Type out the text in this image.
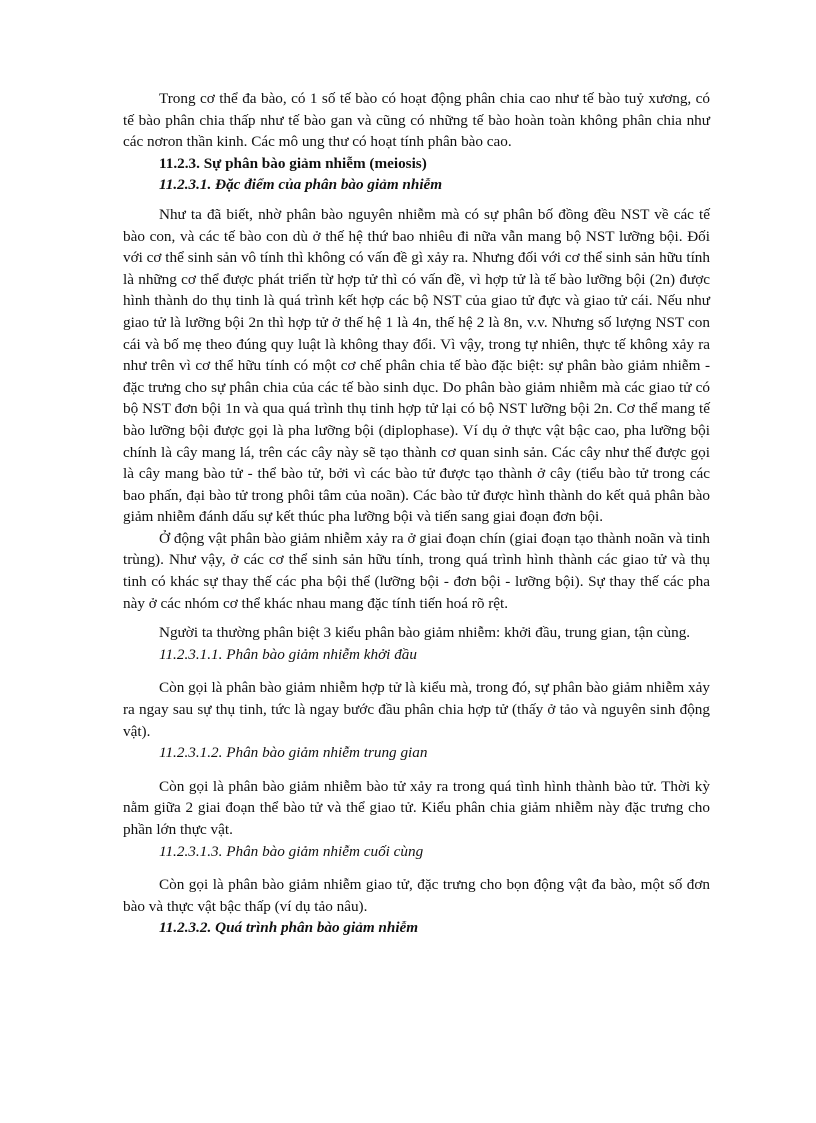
Trong cơ thể đa bào, có 1 số tế bào có hoạt động phân chia cao như tế bào tuỷ xương, có tế bào phân chia thấp như tế bào gan và cũng có những tế bào hoàn toàn không phân chia như các nơron thần kinh. Các mô ung thư có hoạt tính phân bào cao.

11.2.3. Sự phân bào giảm nhiễm (meiosis)
11.2.3.1. Đặc điểm của phân bào giảm nhiễm

Như ta đã biết, nhờ phân bào nguyên nhiễm mà có sự phân bố đồng đều NST về các tế bào con, và các tế bào con dù ở thế hệ thứ bao nhiêu đi nữa vẫn mang bộ NST lưỡng bội. Đối với cơ thể sinh sản vô tính thì không có vấn đề gì xảy ra. Nhưng đối với cơ thể sinh sản hữu tính là những cơ thể được phát triển từ hợp tử thì có vấn đề, vì hợp tử là tế bào lưỡng bội (2n) được hình thành do thụ tinh là quá trình kết hợp các bộ NST của giao tử đực và giao tử cái. Nếu như giao tử là lưỡng bội 2n thì hợp tử ở thế hệ 1 là 4n, thế hệ 2 là 8n, v.v. Nhưng số lượng NST con cái và bố mẹ theo đúng quy luật là không thay đổi. Vì vậy, trong tự nhiên, thực tế không xảy ra như trên vì cơ thể hữu tính có một cơ chế phân chia tế bào đặc biệt: sự phân bào giảm nhiễm - đặc trưng cho sự phân chia của các tế bào sinh dục. Do phân bào giảm nhiễm mà các giao tử có bộ NST đơn bội 1n và qua quá trình thụ tinh hợp tử lại có bộ NST lưỡng bội 2n. Cơ thể mang tế bào lưỡng bội được gọi là pha lưỡng bội (diplophase). Ví dụ ở thực vật bậc cao, pha lưỡng bội chính là cây mang lá, trên các cây này sẽ tạo thành cơ quan sinh sản. Các cây như thế được gọi là cây mang bào tử - thể bào tử, bởi vì các bào tử được tạo thành ở cây (tiểu bào tử trong các bao phấn, đại bào tử trong phôi tâm của noãn). Các bào tử được hình thành do kết quả phân bào giảm nhiễm đánh dấu sự kết thúc pha lưỡng bội và tiến sang giai đoạn đơn bội.

Ở động vật phân bào giảm nhiễm xảy ra ở giai đoạn chín (giai đoạn tạo thành noãn và tinh trùng). Như vậy, ở các cơ thể sinh sản hữu tính, trong quá trình hình thành các giao tử và thụ tinh có khác sự thay thế các pha bội thể (lưỡng bội - đơn bội - lưỡng bội). Sự thay thế các pha này ở các nhóm cơ thể khác nhau mang đặc tính tiến hoá rõ rệt.

Người ta thường phân biệt 3 kiểu phân bào giảm nhiễm: khởi đầu, trung gian, tận cùng.

11.2.3.1.1. Phân bào giảm nhiễm khởi đầu

Còn gọi là phân bào giảm nhiễm hợp tử là kiểu mà, trong đó, sự phân bào giảm nhiễm xảy ra ngay sau sự thụ tinh, tức là ngay bước đầu phân chia hợp tử (thấy ở tảo và nguyên sinh động vật).

11.2.3.1.2. Phân bào giảm nhiễm trung gian

Còn gọi là phân bào giảm nhiễm bào tử xảy ra trong quá tình hình thành bào tử. Thời kỳ nằm giữa 2 giai đoạn thể bào tử và thể giao tử. Kiểu phân chia giảm nhiễm này đặc trưng cho phần lớn thực vật.

11.2.3.1.3. Phân bào giảm nhiễm cuối cùng

Còn gọi là phân bào giảm nhiễm giao tử, đặc trưng cho bọn động vật đa bào, một số đơn bào và thực vật bậc thấp (ví dụ tảo nâu).

11.2.3.2. Quá trình phân bào giảm nhiễm
